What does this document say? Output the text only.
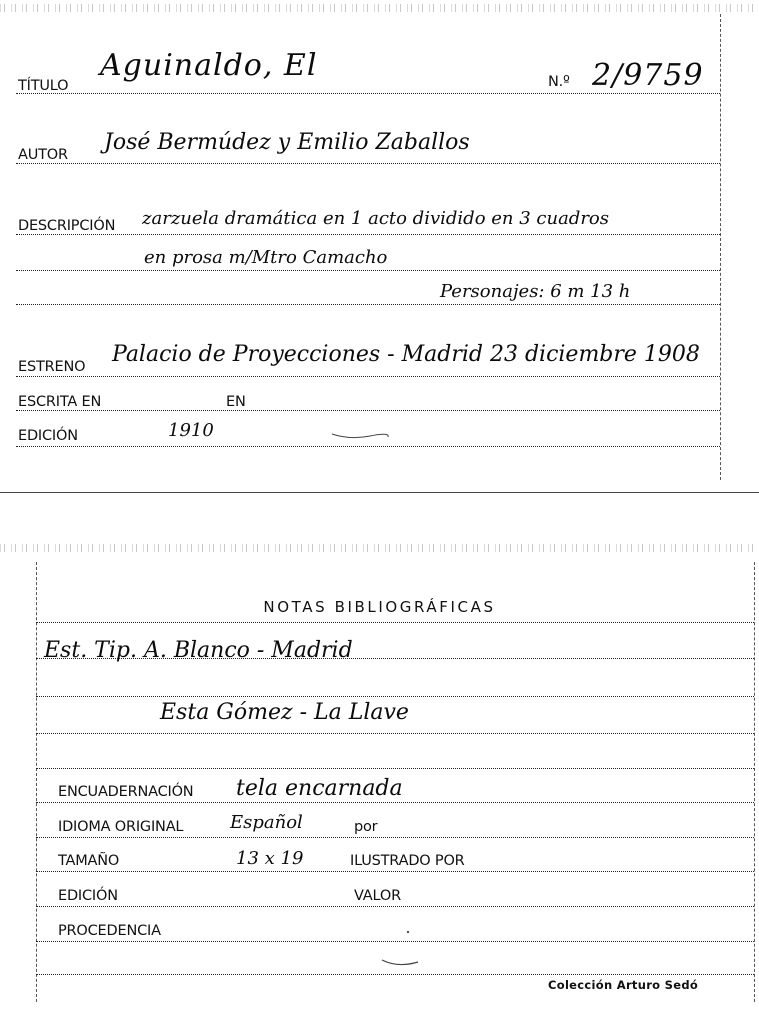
TÍTULO
Aguinaldo, El	N.º 2/9759
AUTOR José Bermúdez y Emilio Zaballos
DESCRIPCIÓN zarzuela dramática en 1 acto dividido en 3 cuadros
en prosa m/Mtro Camacho
Personajes: 6 m 13 h
ESTRENO Palacio de Proyecciones - Madrid 23 diciembre 1908
ESCRITA EN	EN
EDICIÓN	1910
NOTAS BIBLIOGRÁFICAS
Est. Tip. A. Blanco - Madrid
Esta Gómez - La Llave
ENCUADERNACIÓN tela encarnada
IDIOMA ORIGINAL	Español	por
TAMAÑO	13 x 19	ILUSTRADO POR
EDICIÓN	VALOR
PROCEDENCIA
Colección Arturo Sedó
